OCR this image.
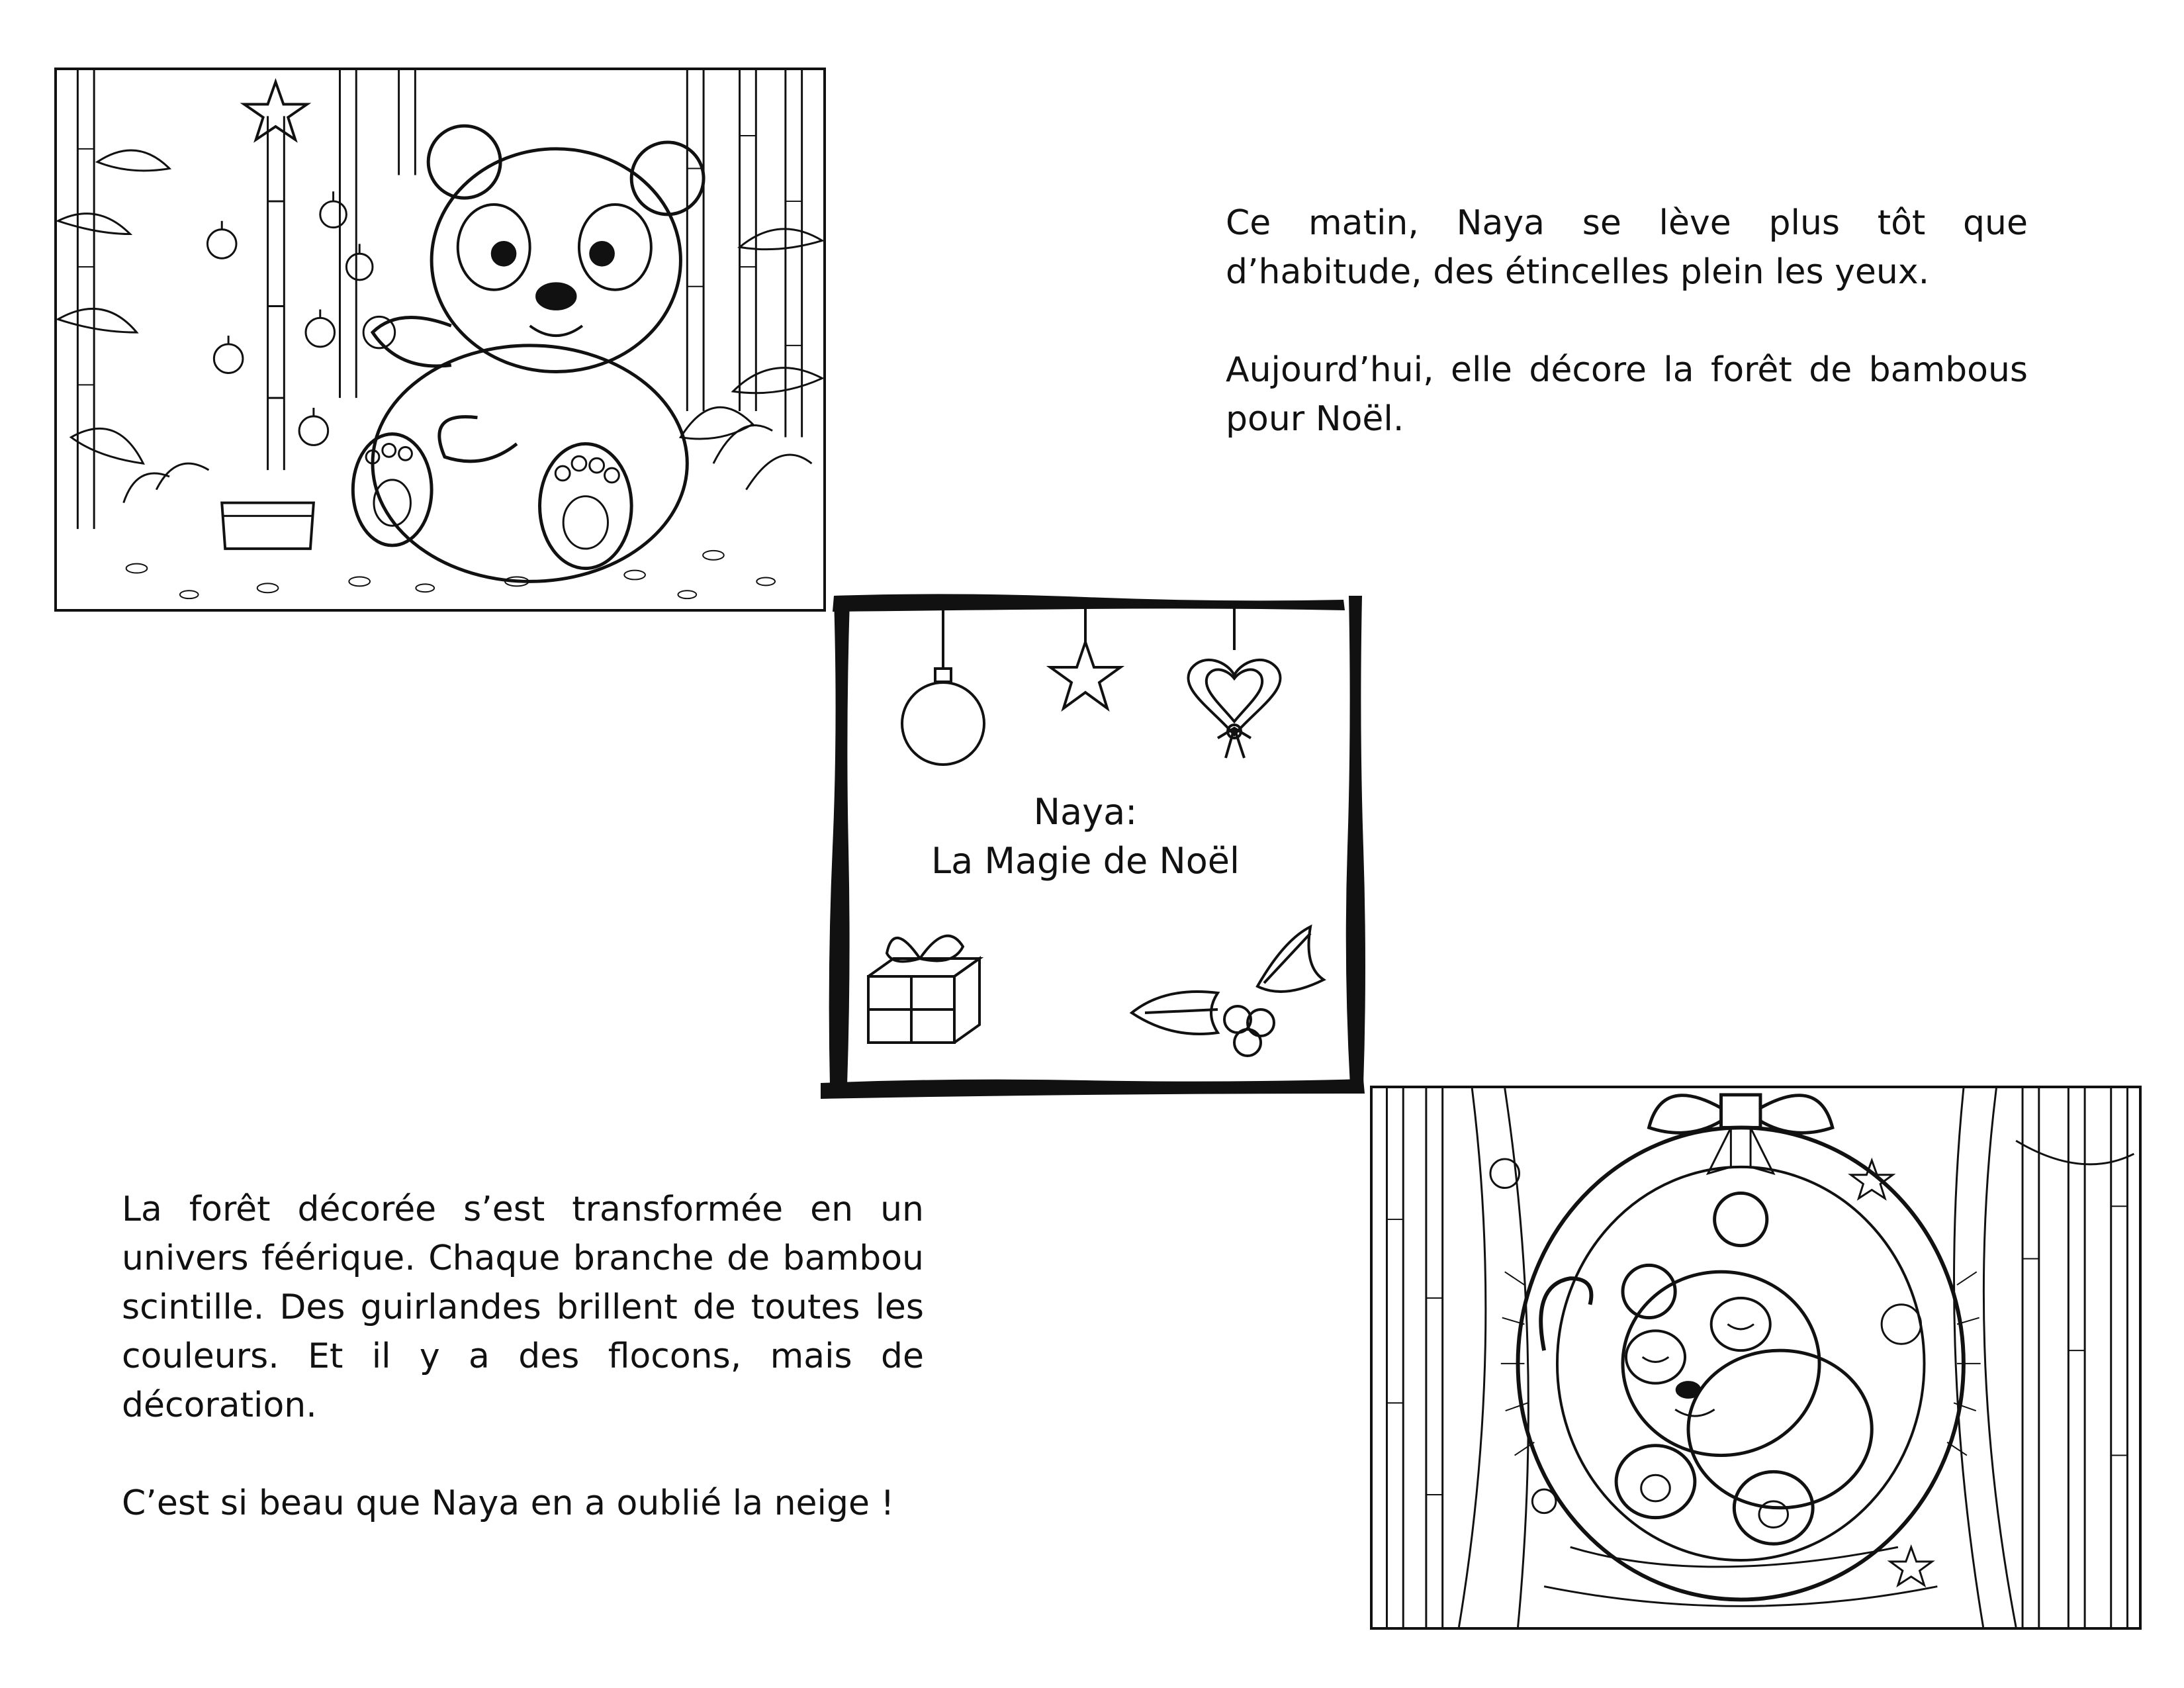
Ce matin, Naya se lève plus tôt que d’habitude, des étincelles plein les yeux.

Aujourd’hui, elle décore la forêt de bambous pour Noël.

Naya:
La Magie de Noël

La forêt décorée s’est transformée en un univers féérique. Chaque branche de bambou scintille. Des guirlandes brillent de toutes les couleurs. Et il y a des flocons, mais de décoration.

C’est si beau que Naya en a oublié la neige !
